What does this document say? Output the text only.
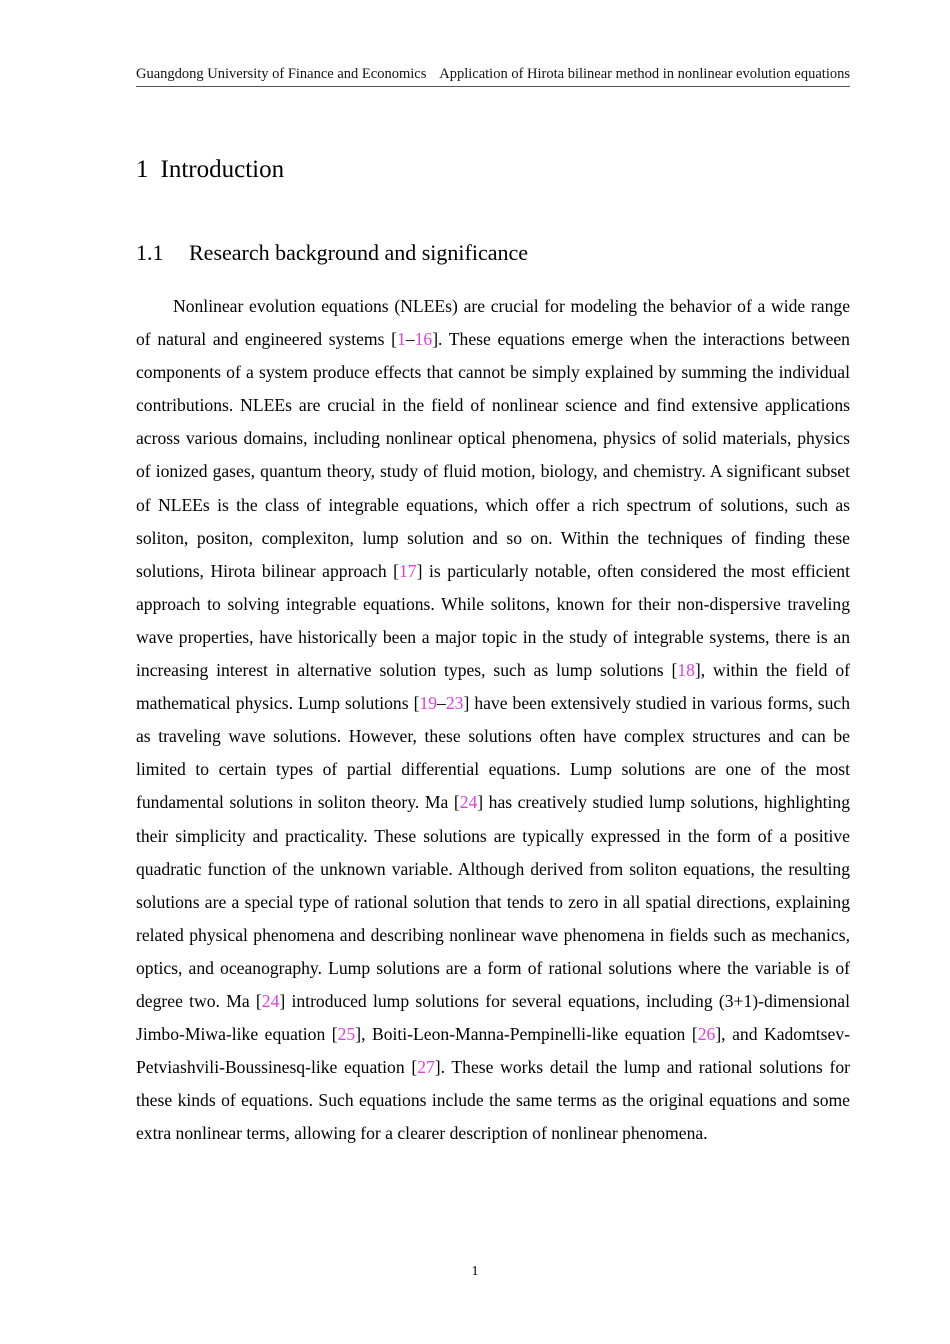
Guangdong University of Finance and Economics Application of Hirota bilinear method in nonlinear evolution equations
1 Introduction
1.1 Research background and significance

Nonlinear evolution equations (NLEEs) are crucial for modeling the behavior of a wide range of natural and engineered systems [1–16]. These equations emerge when the interactions between components of a system produce effects that cannot be simply explained by summing the individual contributions. NLEEs are crucial in the field of nonlinear science and find extensive applications across various domains, including nonlinear optical phenomena, physics of solid materials, physics of ionized gases, quantum theory, study of fluid motion, biology, and chemistry. A significant subset of NLEEs is the class of integrable equations, which offer a rich spectrum of solutions, such as soliton, positon, complexiton, lump solution and so on. Within the techniques of finding these solutions, Hirota bilinear approach [17] is particularly notable, often considered the most efficient approach to solving integrable equations. While solitons, known for their non-dispersive traveling wave properties, have historically been a major topic in the study of integrable systems, there is an increasing interest in alternative solution types, such as lump solutions [18], within the field of mathematical physics. Lump solutions [19–23] have been extensively studied in various forms, such as traveling wave solutions. However, these solutions often have complex structures and can be limited to certain types of partial differential equations. Lump solutions are one of the most fundamental solutions in soliton theory. Ma [24] has creatively studied lump solutions, highlighting their simplicity and practicality. These solutions are typically expressed in the form of a positive quadratic function of the unknown variable. Although derived from soliton equations, the resulting solutions are a special type of rational solution that tends to zero in all spatial directions, explaining related physical phenomena and describing nonlinear wave phenomena in fields such as mechanics, optics, and oceanography. Lump solutions are a form of rational solutions where the variable is of degree two. Ma [24] introduced lump solutions for several equations, including (3+1)-dimensional Jimbo-Miwa-like equation [25], Boiti-Leon-Manna-Pempinelli-like equation [26], and Kadomtsev-Petviashvili-Boussinesq-like equation [27]. These works detail the lump and rational solutions for these kinds of equations. Such equations include the same terms as the original equations and some extra nonlinear terms, allowing for a clearer description of nonlinear phenomena.

1
